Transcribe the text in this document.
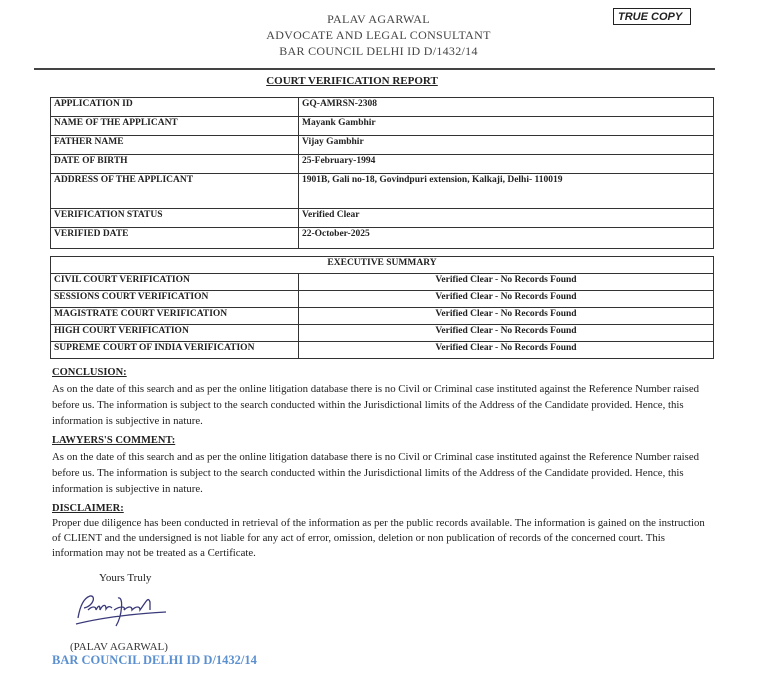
PALAV AGARWAL
ADVOCATE AND LEGAL CONSULTANT
BAR COUNCIL DELHI ID D/1432/14
TRUE COPY
COURT VERIFICATION REPORT
APPLICATION ID	GQ-AMRSN-2308
NAME OF THE APPLICANT	Mayank Gambhir
FATHER NAME	Vijay Gambhir
DATE OF BIRTH	25-February-1994
ADDRESS OF THE APPLICANT	1901B, Gali no-18, Govindpuri extension, Kalkaji, Delhi- 110019
VERIFICATION STATUS	Verified Clear
VERIFIED DATE	22-October-2025
EXECUTIVE SUMMARY	
CIVIL COURT VERIFICATION	Verified Clear - No Records Found
SESSIONS COURT VERIFICATION	Verified Clear - No Records Found
MAGISTRATE COURT VERIFICATION	Verified Clear - No Records Found
HIGH COURT VERIFICATION	Verified Clear - No Records Found
SUPREME COURT OF INDIA VERIFICATION	Verified Clear - No Records Found
CONCLUSION:
As on the date of this search and as per the online litigation database there is no Civil or Criminal case instituted against the Reference Number raised before us. The information is subject to the search conducted within the Jurisdictional limits of the Address of the Candidate provided. Hence, this information is subjective in nature.
LAWYERS'S COMMENT:
As on the date of this search and as per the online litigation database there is no Civil or Criminal case instituted against the Reference Number raised before us. The information is subject to the search conducted within the Jurisdictional limits of the Address of the Candidate provided. Hence, this information is subjective in nature.
DISCLAIMER:
Proper due diligence has been conducted in retrieval of the information as per the public records available. The information is gained on the instruction of CLIENT and the undersigned is not liable for any act of error, omission, deletion or non publication of records of the concerned court. This information may not be treated as a Certificate.
Yours Truly
(PALAV AGARWAL)
BAR COUNCIL DELHI ID D/1432/14
